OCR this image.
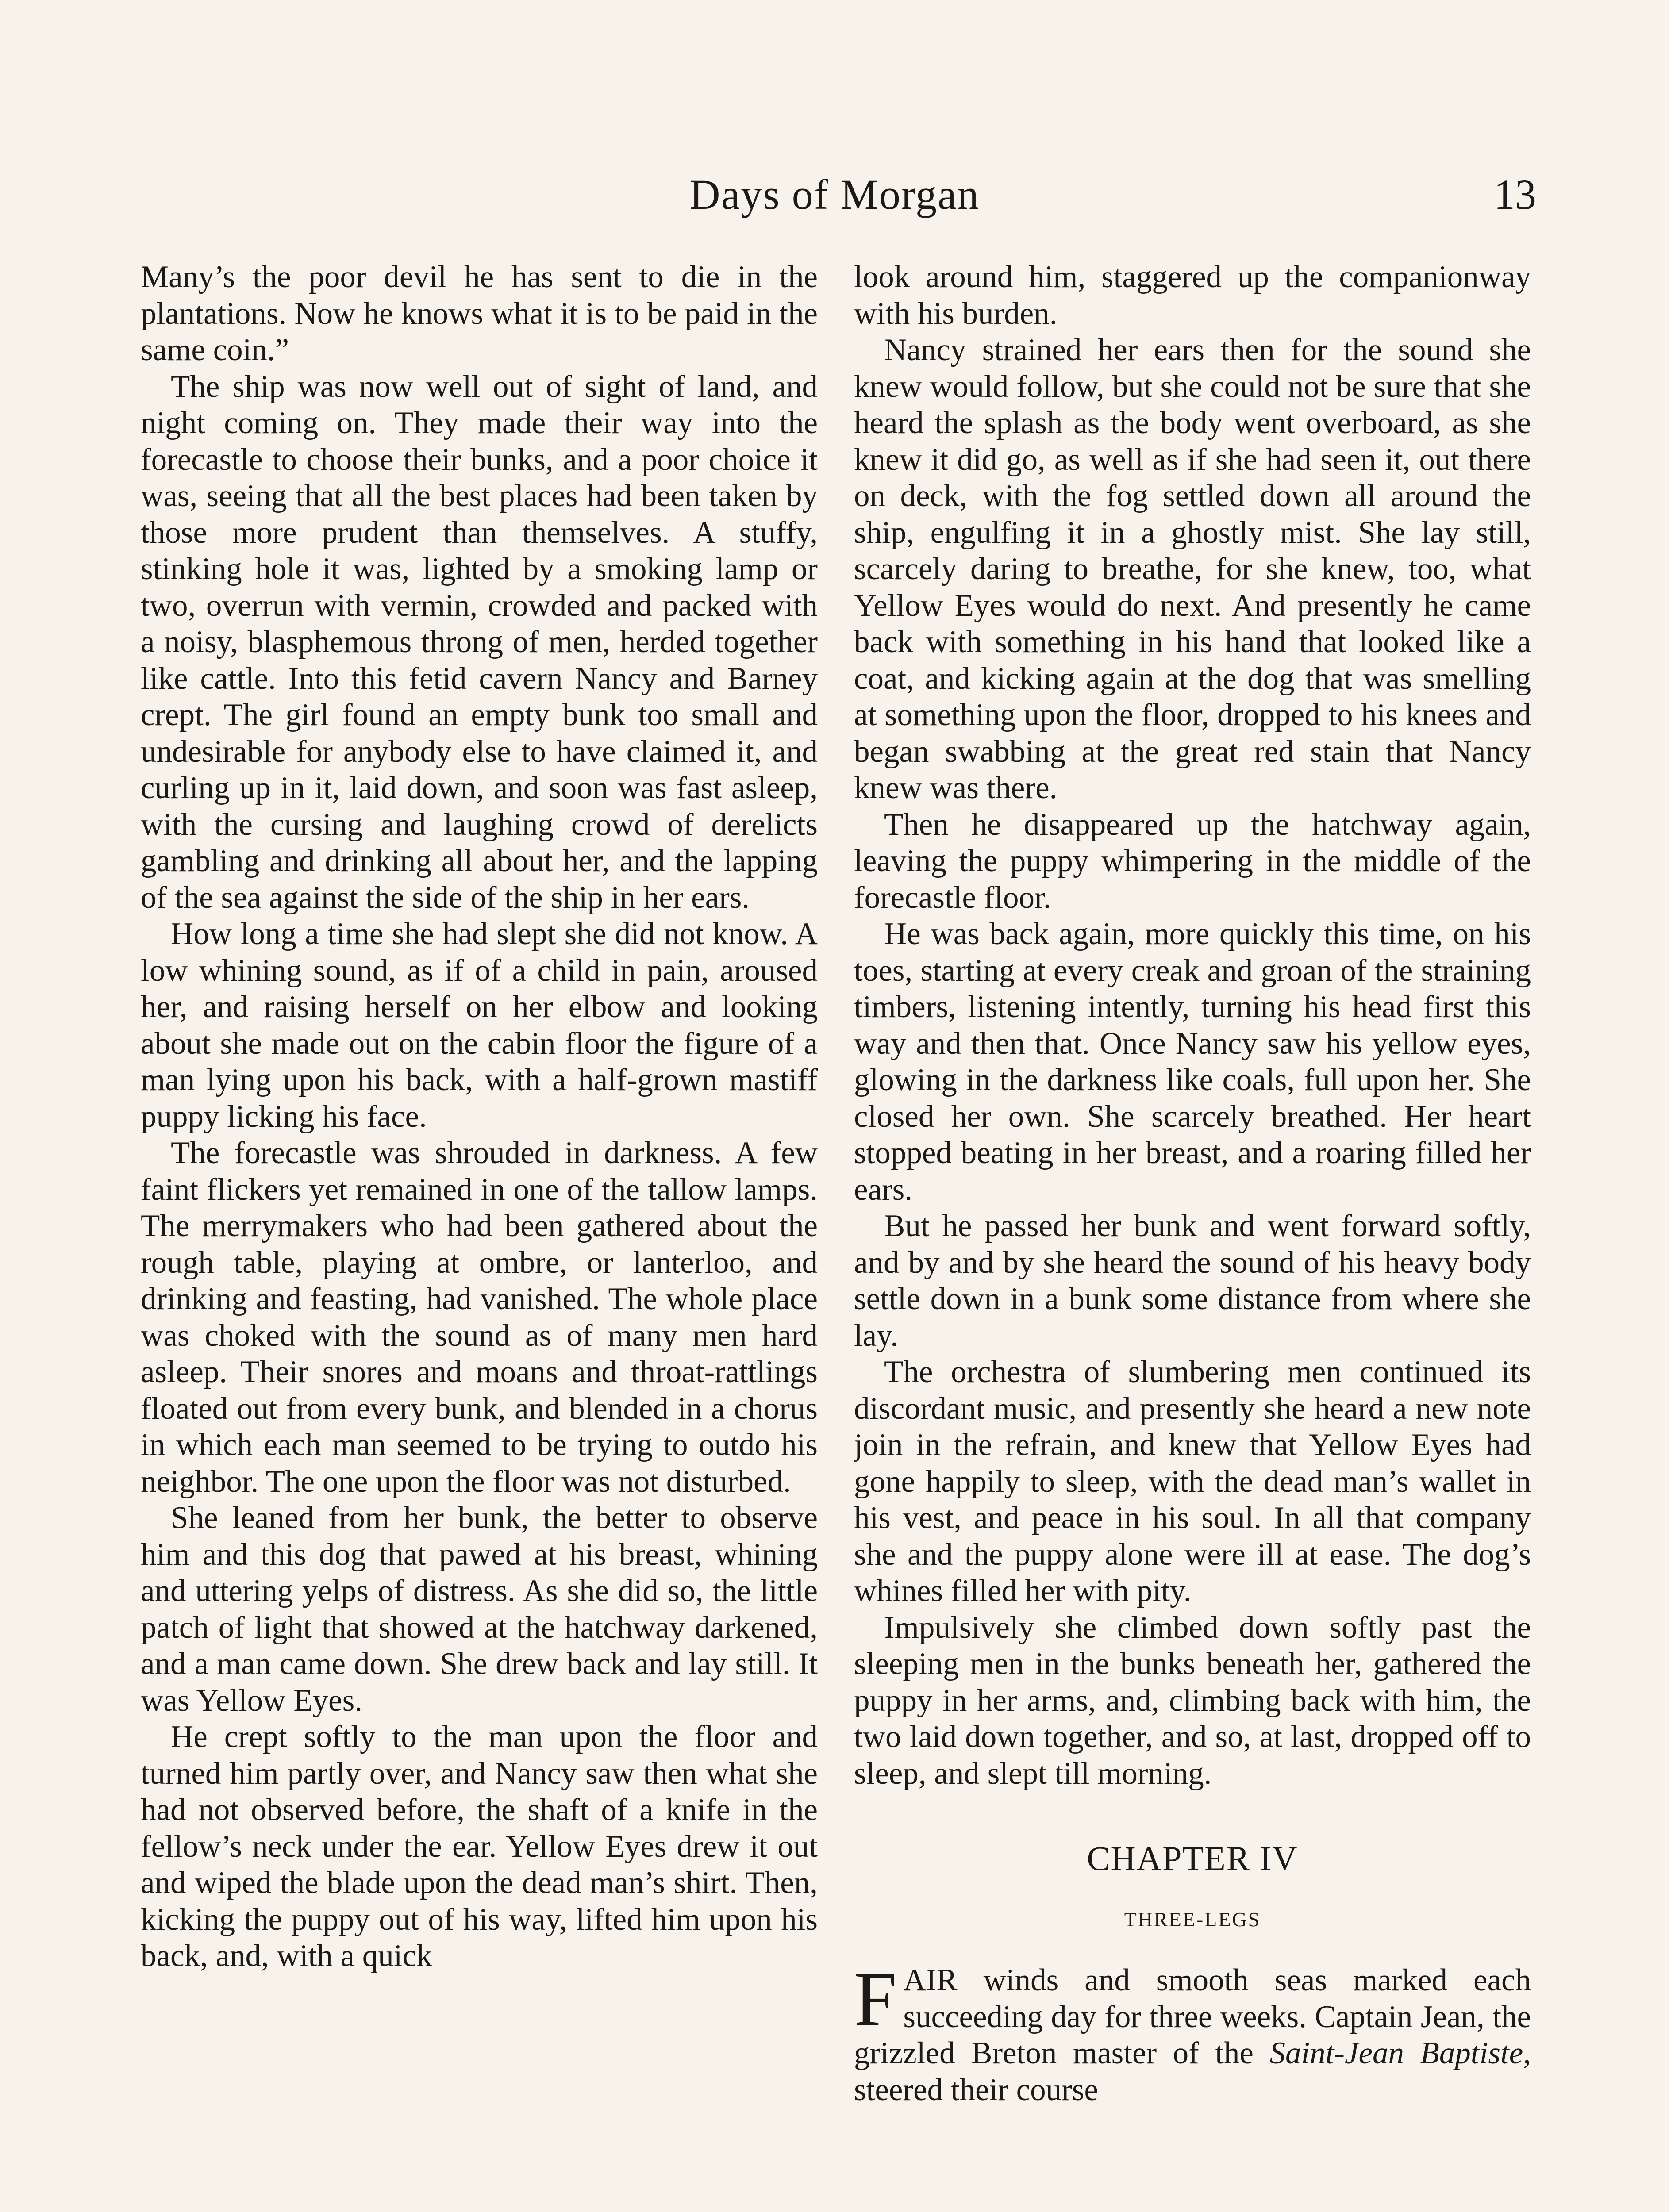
Days of Morgan	13

Many’s the poor devil he has sent to die in the plantations. Now he knows what it is to be paid in the same coin.”

The ship was now well out of sight of land, and night coming on. They made their way into the forecastle to choose their bunks, and a poor choice it was, seeing that all the best places had been taken by those more prudent than themselves. A stuffy, stinking hole it was, lighted by a smoking lamp or two, overrun with vermin, crowded and packed with a noisy, blasphemous throng of men, herded together like cattle. Into this fetid cavern Nancy and Barney crept. The girl found an empty bunk too small and undesirable for anybody else to have claimed it, and curling up in it, laid down, and soon was fast asleep, with the cursing and laughing crowd of derelicts gambling and drinking all about her, and the lapping of the sea against the side of the ship in her ears.

How long a time she had slept she did not know. A low whining sound, as if of a child in pain, aroused her, and raising herself on her elbow and looking about she made out on the cabin floor the figure of a man lying upon his back, with a half-grown mastiff puppy licking his face.

The forecastle was shrouded in darkness. A few faint flickers yet remained in one of the tallow lamps. The merrymakers who had been gathered about the rough table, playing at ombre, or lanterloo, and drinking and feasting, had vanished. The whole place was choked with the sound as of many men hard asleep. Their snores and moans and throat-rattlings floated out from every bunk, and blended in a chorus in which each man seemed to be trying to outdo his neighbor. The one upon the floor was not disturbed.

She leaned from her bunk, the better to observe him and this dog that pawed at his breast, whining and uttering yelps of distress. As she did so, the little patch of light that showed at the hatchway darkened, and a man came down. She drew back and lay still. It was Yellow Eyes.

He crept softly to the man upon the floor and turned him partly over, and Nancy saw then what she had not observed before, the shaft of a knife in the fellow’s neck under the ear. Yellow Eyes drew it out and wiped the blade upon the dead man’s shirt. Then, kicking the puppy out of his way, lifted him upon his back, and, with a quick

look around him, staggered up the companionway with his burden.

Nancy strained her ears then for the sound she knew would follow, but she could not be sure that she heard the splash as the body went overboard, as she knew it did go, as well as if she had seen it, out there on deck, with the fog settled down all around the ship, engulfing it in a ghostly mist. She lay still, scarcely daring to breathe, for she knew, too, what Yellow Eyes would do next. And presently he came back with something in his hand that looked like a coat, and kicking again at the dog that was smelling at something upon the floor, dropped to his knees and began swabbing at the great red stain that Nancy knew was there.

Then he disappeared up the hatchway again, leaving the puppy whimpering in the middle of the forecastle floor.

He was back again, more quickly this time, on his toes, starting at every creak and groan of the straining timbers, listening intently, turning his head first this way and then that. Once Nancy saw his yellow eyes, glowing in the darkness like coals, full upon her. She closed her own. She scarcely breathed. Her heart stopped beating in her breast, and a roaring filled her ears.

But he passed her bunk and went forward softly, and by and by she heard the sound of his heavy body settle down in a bunk some distance from where she lay.

The orchestra of slumbering men continued its discordant music, and presently she heard a new note join in the refrain, and knew that Yellow Eyes had gone happily to sleep, with the dead man’s wallet in his vest, and peace in his soul. In all that company she and the puppy alone were ill at ease. The dog’s whines filled her with pity.

Impulsively she climbed down softly past the sleeping men in the bunks beneath her, gathered the puppy in her arms, and, climbing back with him, the two laid down together, and so, at last, dropped off to sleep, and slept till morning.

CHAPTER IV
THREE-LEGS

FAIR winds and smooth seas marked each succeeding day for three weeks. Captain Jean, the grizzled Breton master of the Saint-Jean Baptiste, steered their course
